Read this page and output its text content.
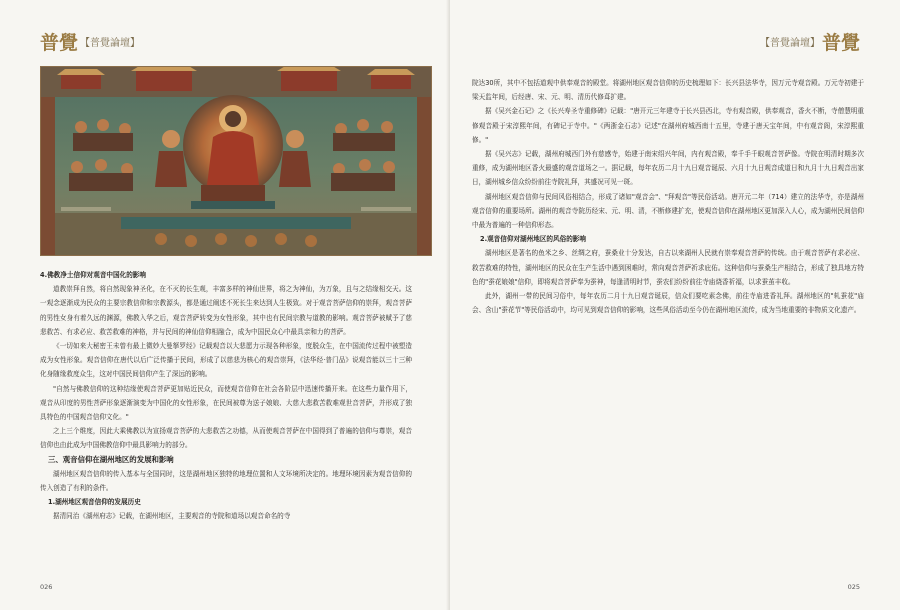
普覺 【普覺論壇】

4.佛教净土信仰对观音中国化的影响

道教崇拜自然，将自然现象神圣化，在不灭的长生观，丰富多样的神仙世界，将之为神仙，为万象，且与之结缘相交天。这一观念逐渐成为民众的主要宗教信仰和宗教源头，都是通过阐述不死长生来达到人生极致。对于观音菩萨信仰的崇拜，观音菩萨的男性女身有着久远的渊源，佛教入华之后，观音菩萨转变为女性形象，其中也有民间宗教与道教的影响。观音菩萨被赋予了慈悲救苦、有求必应、救苦救难的神格，并与民间的神仙信仰相融合，成为中国民众心中最具亲和力的菩萨。

《一切如来大秘密王未曾有最上微妙大曼拏罗经》记载观音以大悲愿力示现各种形象，度脱众生，在中国流传过程中被塑造成为女性形象。观音信仰在唐代以后广泛传播于民间，形成了以慈悲为核心的观音崇拜，《法华经·普门品》说观音能以三十三种化身随缘救度众生，这对中国民间信仰产生了深远的影响。

"自然与佛教信仰的这种结缘使观音菩萨更加贴近民众，而使观音信仰在社会各阶层中迅速传播开来。在这些力量作用下，观音从印度的男性菩萨形象逐渐演变为中国化的女性形象，在民间被尊为送子娘娘、大慈大悲救苦救难观世音菩萨，并形成了独具特色的中国观音信仰文化。"

之上三个维度，因此大乘佛教以为宣扬观音菩萨的大悲救苦之功德，从而使观音菩萨在中国得到了普遍的信仰与尊崇，观音信仰也由此成为中国佛教信仰中最具影响力的部分。

三、观音信仰在湖州地区的发展和影响

湖州地区观音信仰的传入基本与全国同时，这是湖州地区独特的地理位置和人文环境所决定的。地理环境因素为观音信仰的传入创造了有利的条件。

1.湖州地区观音信仰的发展历史

据清同治《湖州府志》记载，在湖州地区，主要观音的寺院和道场以观音命名的寺

026
【普覺論壇】 普覺

院达30所，其中不包括道观中供奉观音的殿堂。将湖州地区观音信仰的历史梳理如下：长兴县法华寺，因万元寺观音殿。万元寺初建于梁天监年间，后经唐、宋、元、明、清历代修葺扩建。

据《吴兴金石记》之《长兴寿圣寺重修碑》记载："唐开元三年建寺于长兴县西北，寺有观音殿，供奉观音，香火不断，寺僧慧明重修观音殿于宋淳熙年间，有碑记于寺中。"《两浙金石志》记述"在湖州府城西南十五里，寺建于唐天宝年间，中有观音阁，宋淳熙重修。"

据《吴兴志》记载，湖州府城西门外有慈感寺，始建于南宋绍兴年间，内有观音殿，奉千手千眼观音菩萨像。寺院在明清时期多次重修，成为湖州地区香火最盛的观音道场之一。据记载，每年农历二月十九日观音诞辰、六月十九日观音成道日和九月十九日观音出家日，湖州城乡信众纷纷前往寺院礼拜，其盛况可见一斑。

湖州地区观音信仰与民间风俗相结合，形成了诸如"观音会"、"拜观音"等民俗活动。唐开元二年（714）建立的法华寺，亦是湖州观音信仰的重要场所。湖州的观音寺院历经宋、元、明、清，不断修建扩充，使观音信仰在湖州地区更加深入人心，成为湖州民间信仰中最为普遍的一种信仰形态。

2.观音信仰对湖州地区的风俗的影响

湖州地区是著名的鱼米之乡、丝绸之府，蚕桑业十分发达，自古以来湖州人民就有崇奉观音菩萨的传统。由于观音菩萨有求必应、救苦救难的特性，湖州地区的民众在生产生活中遇到困难时，常向观音菩萨祈求庇佑。这种信仰与蚕桑生产相结合，形成了独具地方特色的"蚕花娘娘"信仰，即将观音菩萨奉为蚕神，每逢清明时节，蚕农们纷纷前往寺庙烧香祈福，以求蚕茧丰收。

此外，湖州一带的民间习俗中，每年农历二月十九日观音诞辰，信众们要吃素念佛，前往寺庙进香礼拜。湖州地区的"轧蚕花"庙会、含山"蚕花节"等民俗活动中，均可见到观音信仰的影响，这些风俗活动至今仍在湖州地区流传，成为当地重要的非物质文化遗产。

025
